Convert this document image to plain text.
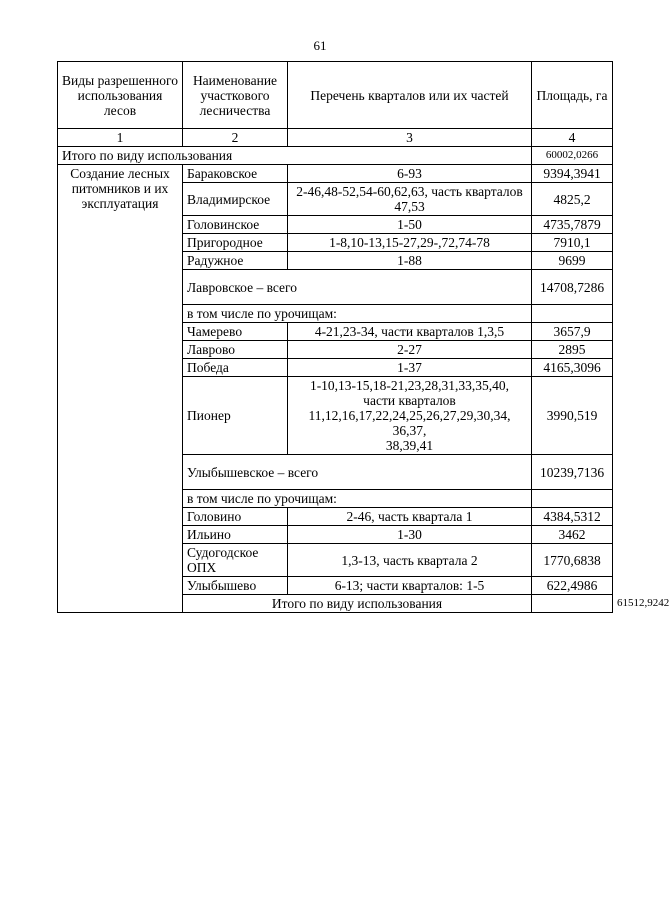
61
Виды разрешенного использования лесов	Наименование участкового лесничества	Перечень кварталов или их частей	Площадь, га	
1	2	3	4	
Итого по виду использования			60002,0266	
Создание лесных питомников и их эксплуатация	Бараковское	6-93	9394,3941	
	Владимирское	2-46,48-52,54-60,62,63, часть кварталов 47,53	4825,2	
	Головинское	1-50	4735,7879	
	Пригородное	1-8,10-13,15-27,29-,72,74-78	7910,1	
	Радужное	1-88	9699	
	Лавровское – всего		14708,7286	
	в том числе по урочищам:			
	Чамерево	4-21,23-34, части кварталов 1,3,5	3657,9	
	Лаврово	2-27	2895	
	Победа	1-37	4165,3096	
	Пионер	1-10,13-15,18-21,23,28,31,33,35,40,
части кварталов
11,12,16,17,22,24,25,26,27,29,30,34,
36,37,
38,39,41	3990,519	
	Улыбышевское – всего		10239,7136	
	в том числе по урочищам:			
	Головино	2-46, часть квартала 1	4384,5312	
	Ильино	1-30	3462	
	Судогодское ОПХ	1,3-13, часть квартала 2	1770,6838	
	Улыбышево	6-13; части кварталов: 1-5	622,4986	
	Итого по виду использования			61512,9242
